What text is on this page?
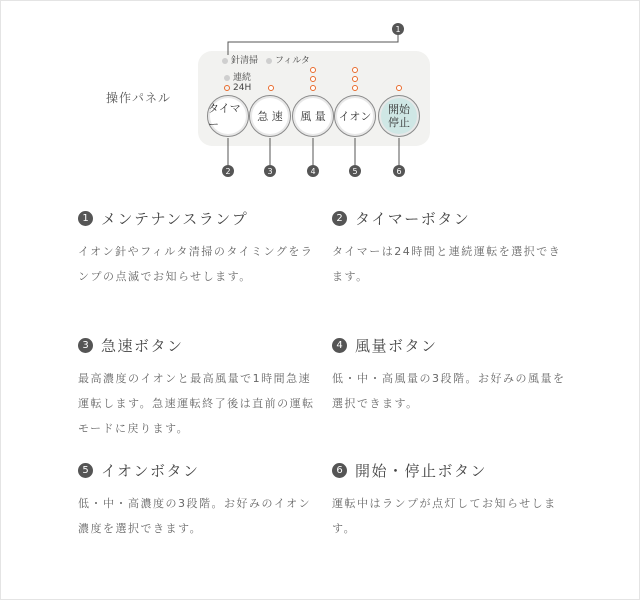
操作パネル
針清掃	フィルタ
連続
24H
タイマー
急 速 風 量 イオン
開始
停止
1
2	3	4	5	6
1 メンテナンスランプ

イオン針やフィルタ清掃のタイミングをランプの点滅でお知らせします。

2 タイマーボタン

タイマーは24時間と連続運転を選択できます。

3 急速ボタン

最高濃度のイオンと最高風量で1時間急速運転します。急速運転終了後は直前の運転モードに戻ります。

4 風量ボタン

低・中・高風量の3段階。お好みの風量を選択できます。

5 イオンボタン

低・中・高濃度の3段階。お好みのイオン濃度を選択できます。

6 開始・停止ボタン

運転中はランプが点灯してお知らせします。
